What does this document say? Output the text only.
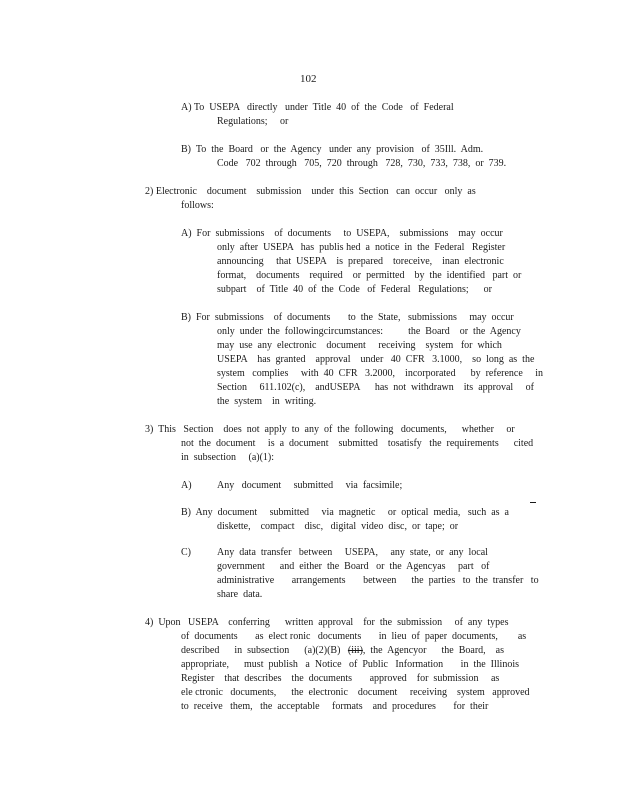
102
A) To  USEPA   directly   under  Title  40  of  the  Code   of  Federal
Regulations;     or
B)  To  the  Board   or  the  Agency   under  any  provision   of  35Ill.  Adm.
Code   702  through   705,  720  through   728,  730,  733,  738,  or  739.
2) Electronic    document    submission    under  this  Section   can  occur   only  as
follows:
A)  For  submissions    of  documents     to  USEPA,    submissions    may  occur
only  after  USEPA   has  publis hed  a  notice  in  the  Federal   Register
announcing     that  USEPA    is  prepared    toreceive,    inan  electronic
format,    documents    required    or  permitted    by  the  identified   part  or
subpart    of  Title  40  of  the  Code   of  Federal   Regulations;      or
B)  For  submissions    of  documents       to  the  State,   submissions     may  occur
only  under  the  followingcircumstances:          the  Board    or  the  Agency
may  use  any  electronic    document     receiving    system   for  which
USEPA    has  granted    approval    under   40  CFR   3.1000,    so  long  as  the
system   complies     with  40  CFR   3.2000,    incorporated      by  reference     in
Section     611.102(c),    andUSEPA      has  not  withdrawn    its  approval     of
the  system    in  writing.
3)  This   Section    does  not  apply  to  any  of  the  following   documents,      whether     or
not  the  document     is  a  document    submitted    tosatisfy   the  requirements      cited
in  subsection     (a)(1):
A)	Any   document     submitted     via  facsimile;
B)  Any  document     submitted     via  magnetic     or  optical  media,   such  as  a
diskette,    compact    disc,   digital  video  disc,  or  tape;  or
C)	Any  data  transfer   between     USEPA,     any  state,  or  any  local
government      and  either  the  Board   or  the  Agencyas     part   of
administrative       arrangements       between      the  parties   to  the  transfer   to
share  data.
4)  Upon   USEPA    conferring      written  approval    for  the  submission     of  any  types
of  documents       as  elect ronic   documents       in  lieu  of  paper  documents,        as
described      in  subsection      (a)(2)(B)   (iii),  the  Agencyor      the  Board,    as
appropriate,      must  publish   a  Notice   of  Public   Information       in  the  Illinois
Register    that  describes    the  documents       approved    for  submission     as
ele ctronic   documents,      the  electronic    document     receiving    system   approved
to  receive   them,   the  acceptable     formats    and  procedures       for  their
